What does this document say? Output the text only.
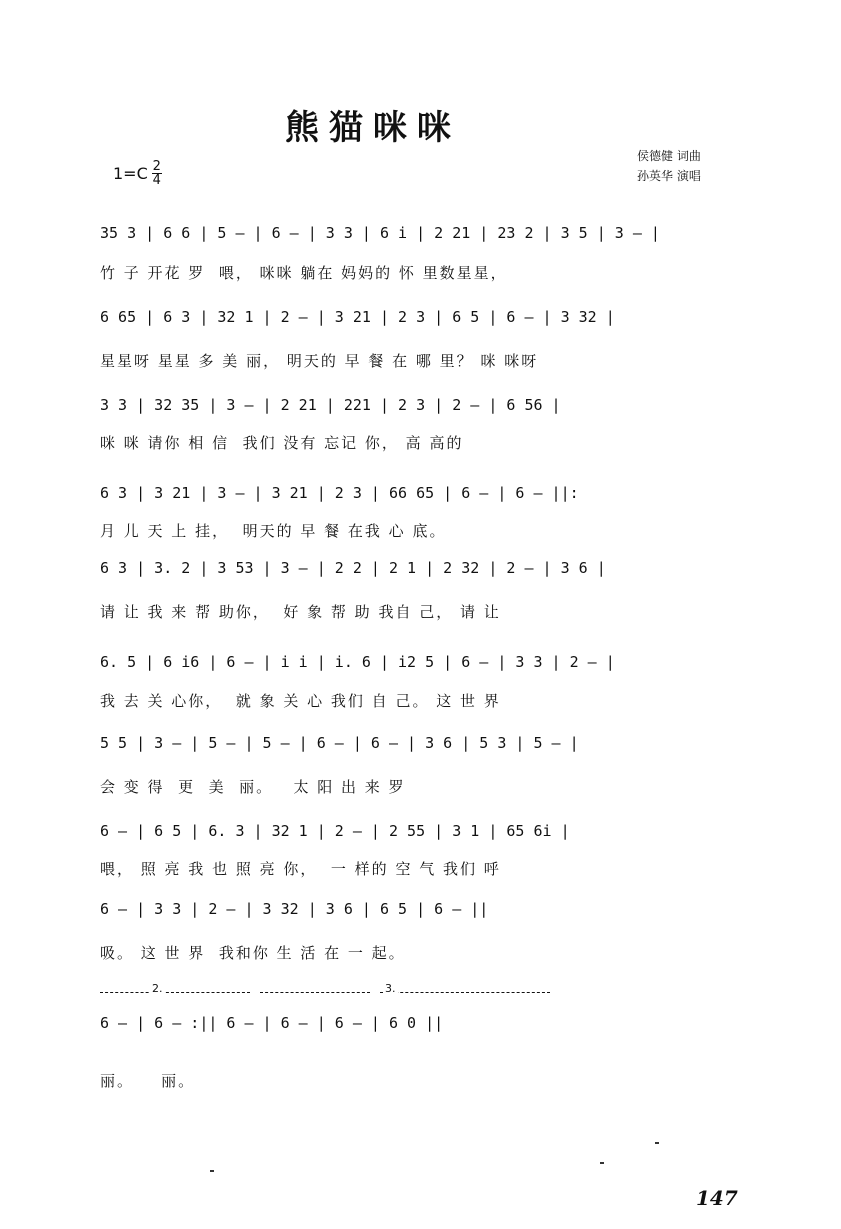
熊猫咪咪
$1=C \frac{2}{4}$
侯德健 词曲
孙英华 演唱
35 3 | 6 6 | 5 — | 6 — | 3 3 | 6 i | 2 21 | 23 2 | 3 5 | 3 — |
竹 子 开花 罗  喂， 咪咪 躺在 妈妈的 怀 里数星星，
6 65 | 6 3 | 32 1 | 2 — | 3 21 | 2 3 | 6 5 | 6 — | 3 32 |
星星呀 星星 多 美 丽， 明天的 早 餐 在 哪 里？ 咪 咪呀
3 3 | 32 35 | 3 — | 2 21 | 221 | 2 3 | 2 — | 6 56 |
咪 咪 请你 相 信  我们 没有 忘记 你， 高 高的
6 3 | 3 21 | 3 — | 3 21 | 2 3 | 66 65 | 6 — | 6 — ||:
月 儿 天 上 挂，  明天的 早 餐 在我 心 底。
6 3 | 3. 2 | 3 53 | 3 — | 2 2 | 2 1 | 2 32 | 2 — | 3 6 |
请 让 我 来 帮 助你，  好 象 帮 助 我自 己， 请 让
6. 5 | 6 i6 | 6 — | i i | i. 6 | i2 5 | 6 — | 3 3 | 2 — |
我 去 关 心你，  就 象 关 心 我们 自 己。 这 世 界
5 5 | 3 — | 5 — | 5 — | 6 — | 6 — | 3 6 | 5 3 | 5 — |
会 变 得  更  美  丽。   太 阳 出 来 罗
6 — | 6 5 | 6. 3 | 32 1 | 2 — | 2 55 | 3 1 | 65 6i |
喂， 照 亮 我 也 照 亮 你，  一 样的 空 气 我们 呼
6 — | 3 3 | 2 — | 3 32 | 3 6 | 6 5 | 6 — ||
吸。 这 世 界  我和你 生 活 在 一 起。
2.	3.
6 — | 6 — :|| 6 — | 6 — | 6 — | 6 0 ||
丽。    丽。
147
